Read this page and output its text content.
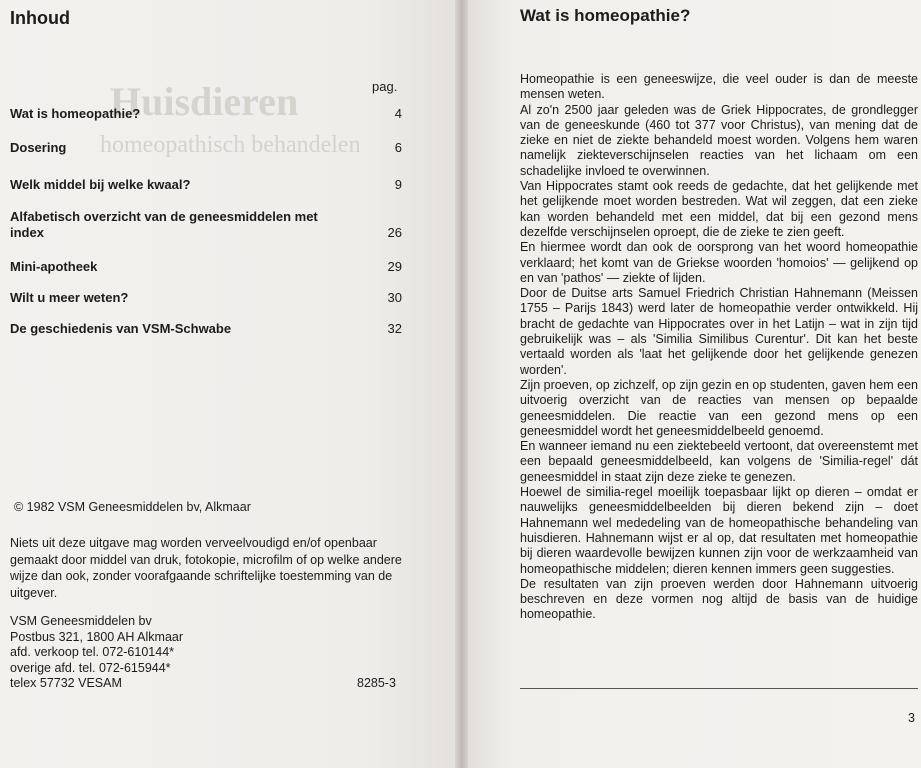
Huisdieren
homeopathisch behandelen
Inhoud
pag.
Wat is homeopathie?	4
Dosering	6
Welk middel bij welke kwaal?	9
Alfabetisch overzicht van de geneesmiddelen met index	26
Mini-apotheek	29
Wilt u meer weten?	30
De geschiedenis van VSM-Schwabe	32
© 1982 VSM Geneesmiddelen bv, Alkmaar
Niets uit deze uitgave mag worden verveelvoudigd en/of openbaar gemaakt door middel van druk, fotokopie, microfilm of op welke andere wijze dan ook, zonder voorafgaande schriftelijke toestemming van de uitgever.
VSM Geneesmiddelen bv
Postbus 321, 1800 AH Alkmaar
afd. verkoop tel. 072-610144*
overige afd. tel. 072-615944*
telex 57732 VESAM	8285-3
Wat is homeopathie?

Homeopathie is een geneeswijze, die veel ouder is dan de meeste mensen weten.

Al zo'n 2500 jaar geleden was de Griek Hippocrates, de grondlegger van de geneeskunde (460 tot 377 voor Christus), van mening dat de zieke en niet de ziekte behandeld moest worden. Volgens hem waren namelijk ziekteverschijnselen reacties van het lichaam om een schadelijke invloed te overwinnen.

Van Hippocrates stamt ook reeds de gedachte, dat het gelijkende met het gelijkende moet worden bestreden. Wat wil zeggen, dat een zieke kan worden behandeld met een middel, dat bij een gezond mens dezelfde verschijnselen oproept, die de zieke te zien geeft.

En hiermee wordt dan ook de oorsprong van het woord homeopathie verklaard; het komt van de Griekse woorden 'homoios' — gelijkend op en van 'pathos' — ziekte of lijden.

Door de Duitse arts Samuel Friedrich Christian Hahnemann (Meissen 1755 – Parijs 1843) werd later de homeopathie verder ontwikkeld. Hij bracht de gedachte van Hippocrates over in het Latijn – wat in zijn tijd gebruikelijk was – als 'Similia Similibus Curentur'. Dit kan het beste vertaald worden als 'laat het gelijkende door het gelijkende genezen worden'.

Zijn proeven, op zichzelf, op zijn gezin en op studenten, gaven hem een uitvoerig overzicht van de reacties van mensen op bepaalde geneesmiddelen. Die reactie van een gezond mens op een geneesmiddel wordt het geneesmiddelbeeld genoemd.

En wanneer iemand nu een ziektebeeld vertoont, dat overeenstemt met een bepaald geneesmiddelbeeld, kan volgens de 'Similia-regel' dát geneesmiddel in staat zijn deze zieke te genezen.

Hoewel de similia-regel moeilijk toepasbaar lijkt op dieren – omdat er nauwelijks geneesmiddelbeelden bij dieren bekend zijn – doet Hahnemann wel mededeling van de homeopathische behandeling van huisdieren. Hahnemann wijst er al op, dat resultaten met homeopathie bij dieren waardevolle bewijzen kunnen zijn voor de werkzaamheid van homeopathische middelen; dieren kennen immers geen suggesties.

De resultaten van zijn proeven werden door Hahnemann uitvoerig beschreven en deze vormen nog altijd de basis van de huidige homeopathie.

3
